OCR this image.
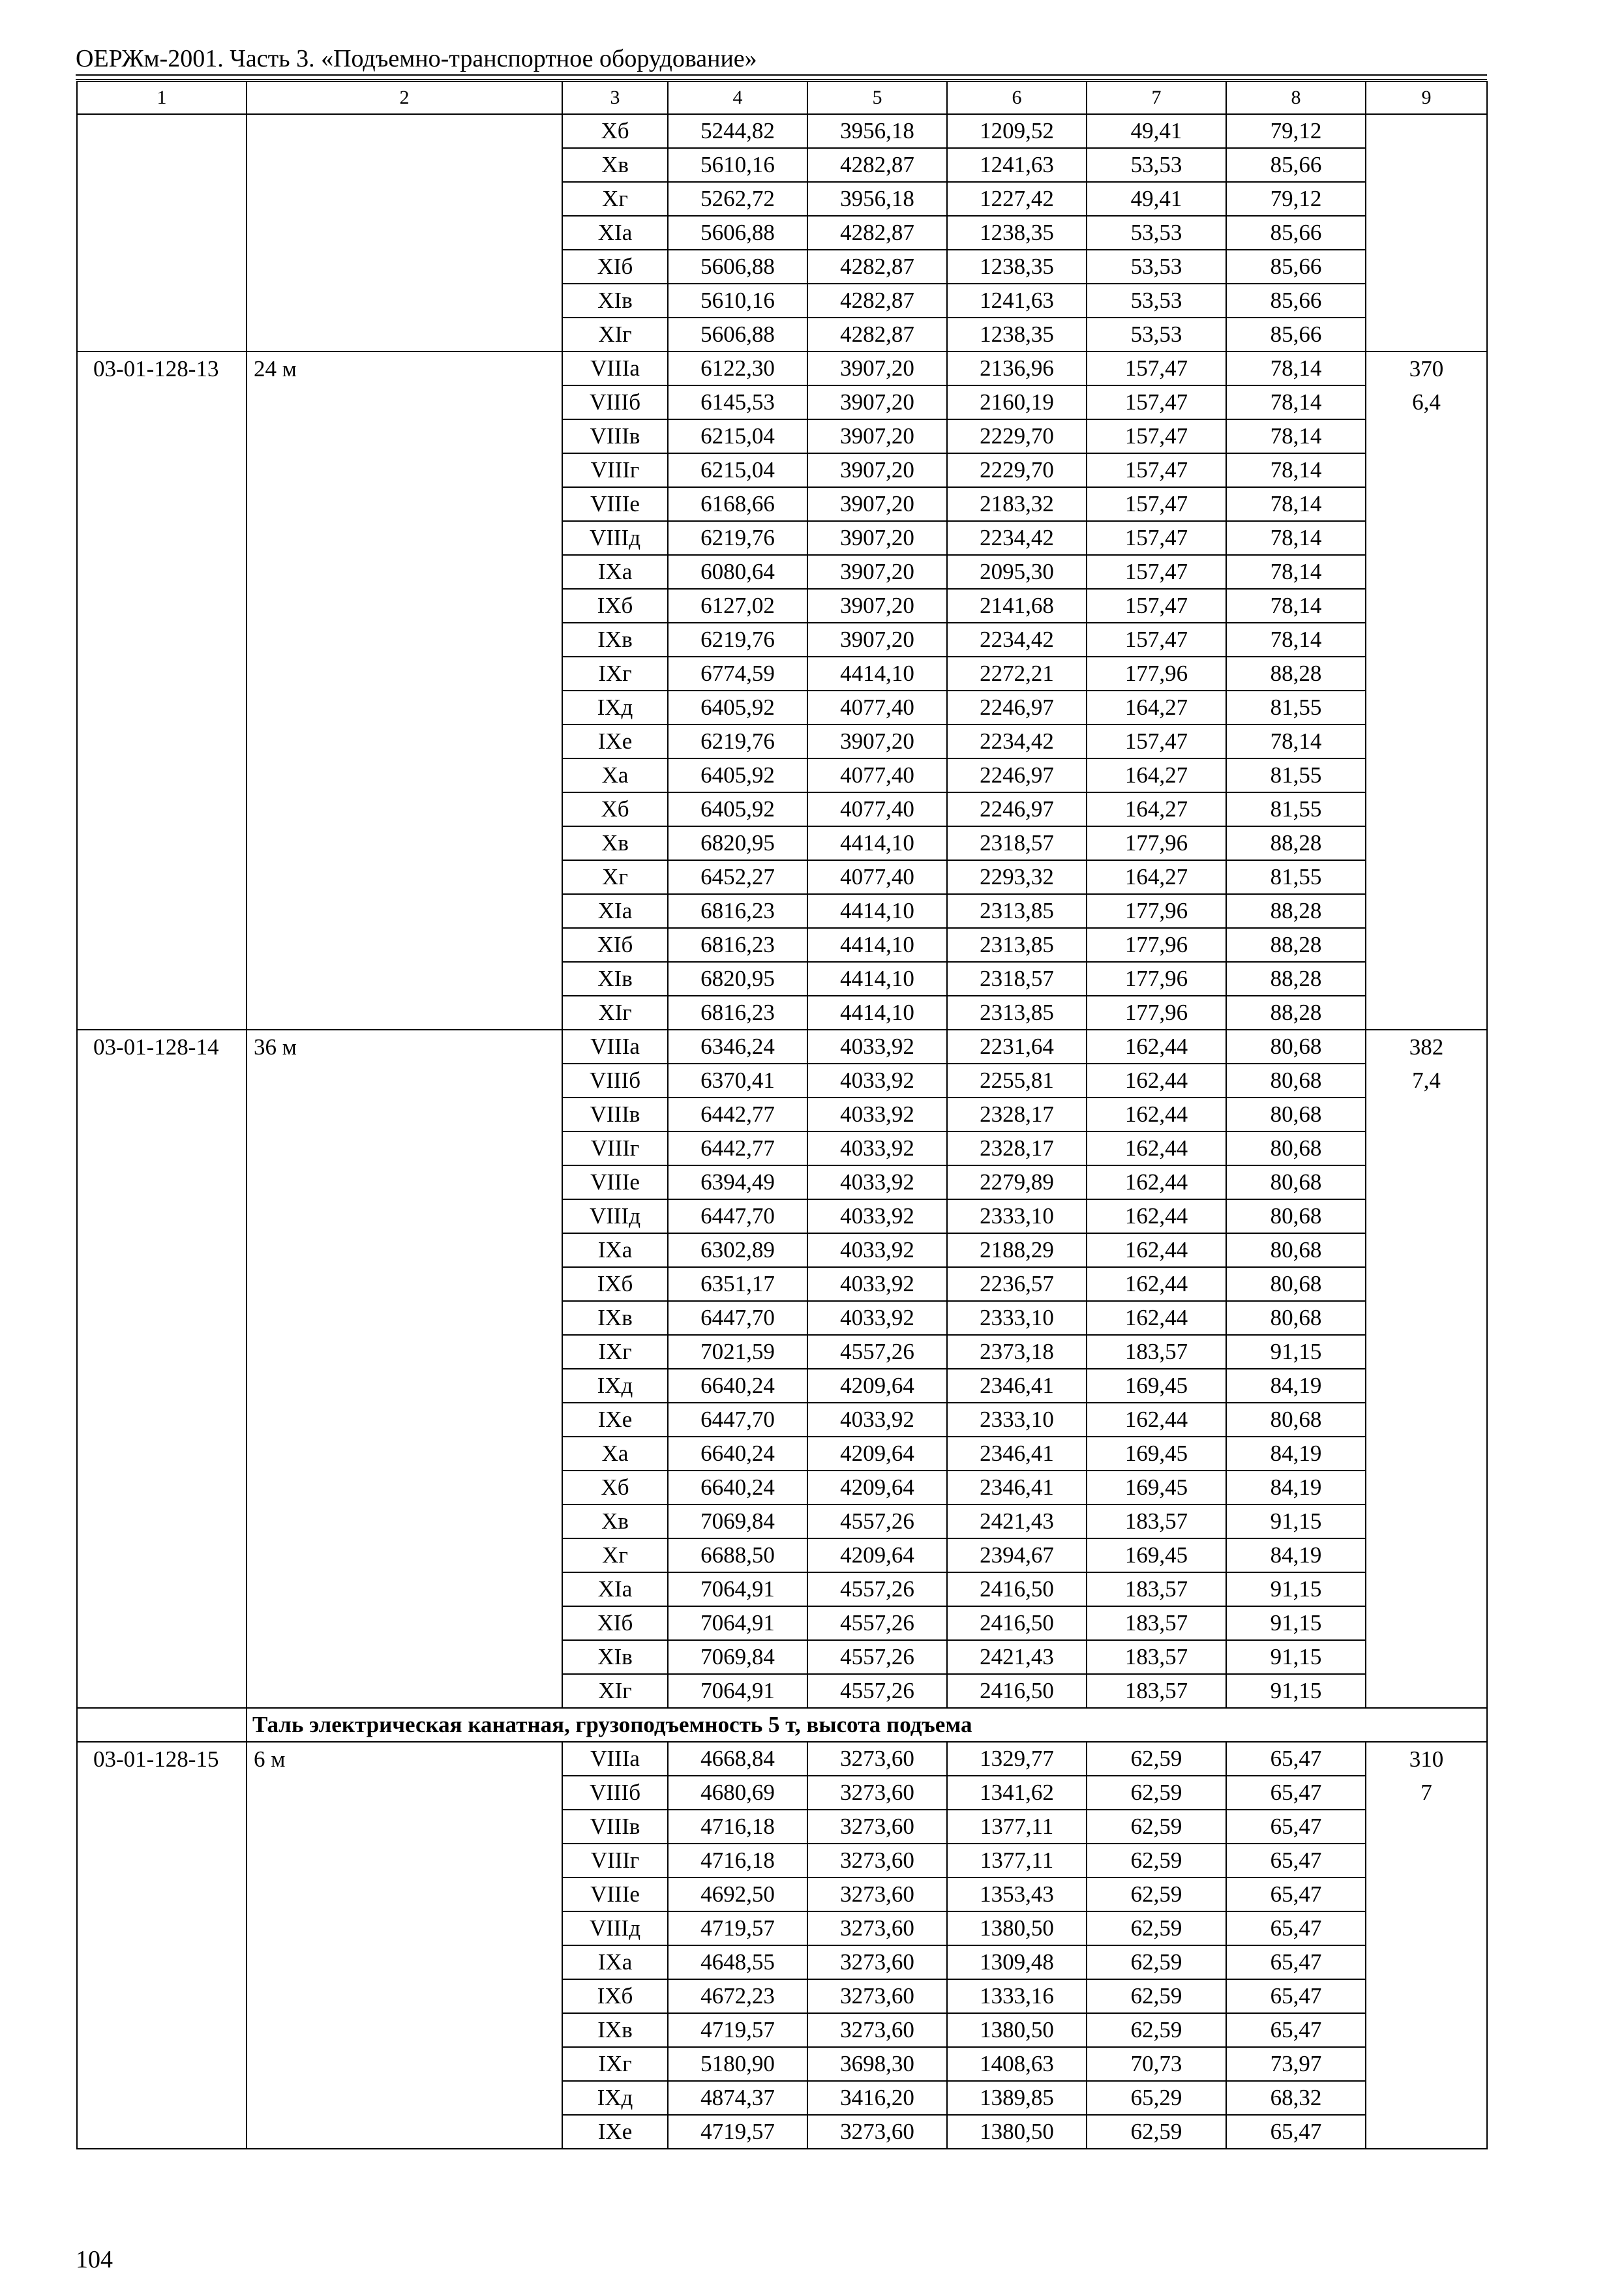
ОЕРЖм-2001. Часть 3. «Подъемно-транспортное оборудование»
1	2	3	4	5	6	7	8	9
		Xб	5244,82	3956,18	1209,52	49,41	79,12	
		Xв	5610,16	4282,87	1241,63	53,53	85,66	
		Xг	5262,72	3956,18	1227,42	49,41	79,12	
		XIa	5606,88	4282,87	1238,35	53,53	85,66	
		XIб	5606,88	4282,87	1238,35	53,53	85,66	
		XIв	5610,16	4282,87	1241,63	53,53	85,66	
		XIг	5606,88	4282,87	1238,35	53,53	85,66	
03-01-128-13	24 м	VIIIa	6122,30	3907,20	2136,96	157,47	78,14	370
		VIIIб	6145,53	3907,20	2160,19	157,47	78,14	6,4
		VIIIв	6215,04	3907,20	2229,70	157,47	78,14	
		VIIIг	6215,04	3907,20	2229,70	157,47	78,14	
		VIIIe	6168,66	3907,20	2183,32	157,47	78,14	
		VIIIд	6219,76	3907,20	2234,42	157,47	78,14	
		IXa	6080,64	3907,20	2095,30	157,47	78,14	
		IXб	6127,02	3907,20	2141,68	157,47	78,14	
		IXв	6219,76	3907,20	2234,42	157,47	78,14	
		IXг	6774,59	4414,10	2272,21	177,96	88,28	
		IXд	6405,92	4077,40	2246,97	164,27	81,55	
		IXe	6219,76	3907,20	2234,42	157,47	78,14	
		Xa	6405,92	4077,40	2246,97	164,27	81,55	
		Xб	6405,92	4077,40	2246,97	164,27	81,55	
		Xв	6820,95	4414,10	2318,57	177,96	88,28	
		Xг	6452,27	4077,40	2293,32	164,27	81,55	
		XIa	6816,23	4414,10	2313,85	177,96	88,28	
		XIб	6816,23	4414,10	2313,85	177,96	88,28	
		XIв	6820,95	4414,10	2318,57	177,96	88,28	
		XIг	6816,23	4414,10	2313,85	177,96	88,28	
03-01-128-14	36 м	VIIIa	6346,24	4033,92	2231,64	162,44	80,68	382
		VIIIб	6370,41	4033,92	2255,81	162,44	80,68	7,4
		VIIIв	6442,77	4033,92	2328,17	162,44	80,68	
		VIIIг	6442,77	4033,92	2328,17	162,44	80,68	
		VIIIe	6394,49	4033,92	2279,89	162,44	80,68	
		VIIIд	6447,70	4033,92	2333,10	162,44	80,68	
		IXa	6302,89	4033,92	2188,29	162,44	80,68	
		IXб	6351,17	4033,92	2236,57	162,44	80,68	
		IXв	6447,70	4033,92	2333,10	162,44	80,68	
		IXг	7021,59	4557,26	2373,18	183,57	91,15	
		IXд	6640,24	4209,64	2346,41	169,45	84,19	
		IXe	6447,70	4033,92	2333,10	162,44	80,68	
		Xa	6640,24	4209,64	2346,41	169,45	84,19	
		Xб	6640,24	4209,64	2346,41	169,45	84,19	
		Xв	7069,84	4557,26	2421,43	183,57	91,15	
		Xг	6688,50	4209,64	2394,67	169,45	84,19	
		XIa	7064,91	4557,26	2416,50	183,57	91,15	
		XIб	7064,91	4557,26	2416,50	183,57	91,15	
		XIв	7069,84	4557,26	2421,43	183,57	91,15	
		XIг	7064,91	4557,26	2416,50	183,57	91,15	
	Таль электрическая канатная, грузоподъемность 5 т, высота подъема							
03-01-128-15	6 м	VIIIa	4668,84	3273,60	1329,77	62,59	65,47	310
		VIIIб	4680,69	3273,60	1341,62	62,59	65,47	7
		VIIIв	4716,18	3273,60	1377,11	62,59	65,47	
		VIIIг	4716,18	3273,60	1377,11	62,59	65,47	
		VIIIe	4692,50	3273,60	1353,43	62,59	65,47	
		VIIIд	4719,57	3273,60	1380,50	62,59	65,47	
		IXa	4648,55	3273,60	1309,48	62,59	65,47	
		IXб	4672,23	3273,60	1333,16	62,59	65,47	
		IXв	4719,57	3273,60	1380,50	62,59	65,47	
		IXг	5180,90	3698,30	1408,63	70,73	73,97	
		IXд	4874,37	3416,20	1389,85	65,29	68,32	
		IXe	4719,57	3273,60	1380,50	62,59	65,47	
104
